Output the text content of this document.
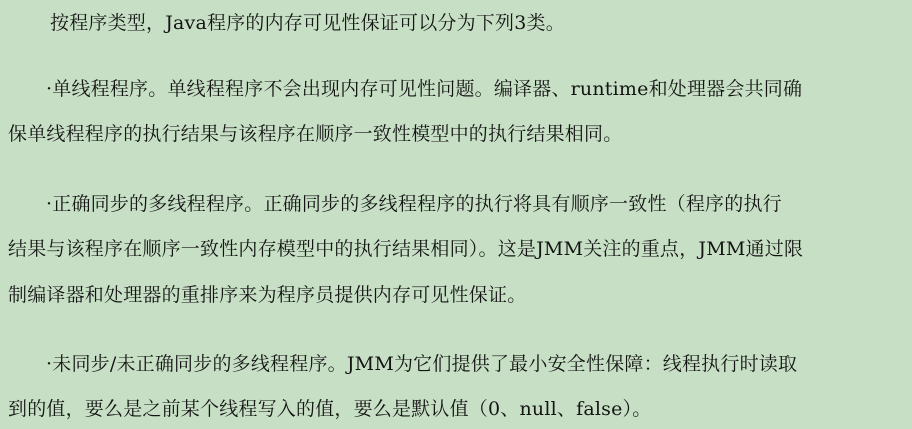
按程序类型，Java程序的内存可见性保证可以分为下列3类。
·单线程程序。单线程程序不会出现内存可见性问题。编译器、runtime和处理器会共同确
保单线程程序的执行结果与该程序在顺序一致性模型中的执行结果相同。
·正确同步的多线程程序。正确同步的多线程程序的执行将具有顺序一致性（程序的执行
结果与该程序在顺序一致性内存模型中的执行结果相同）。这是JMM关注的重点，JMM通过限
制编译器和处理器的重排序来为程序员提供内存可见性保证。
·未同步/未正确同步的多线程程序。JMM为它们提供了最小安全性保障：线程执行时读取
到的值，要么是之前某个线程写入的值，要么是默认值（0、null、false）。
